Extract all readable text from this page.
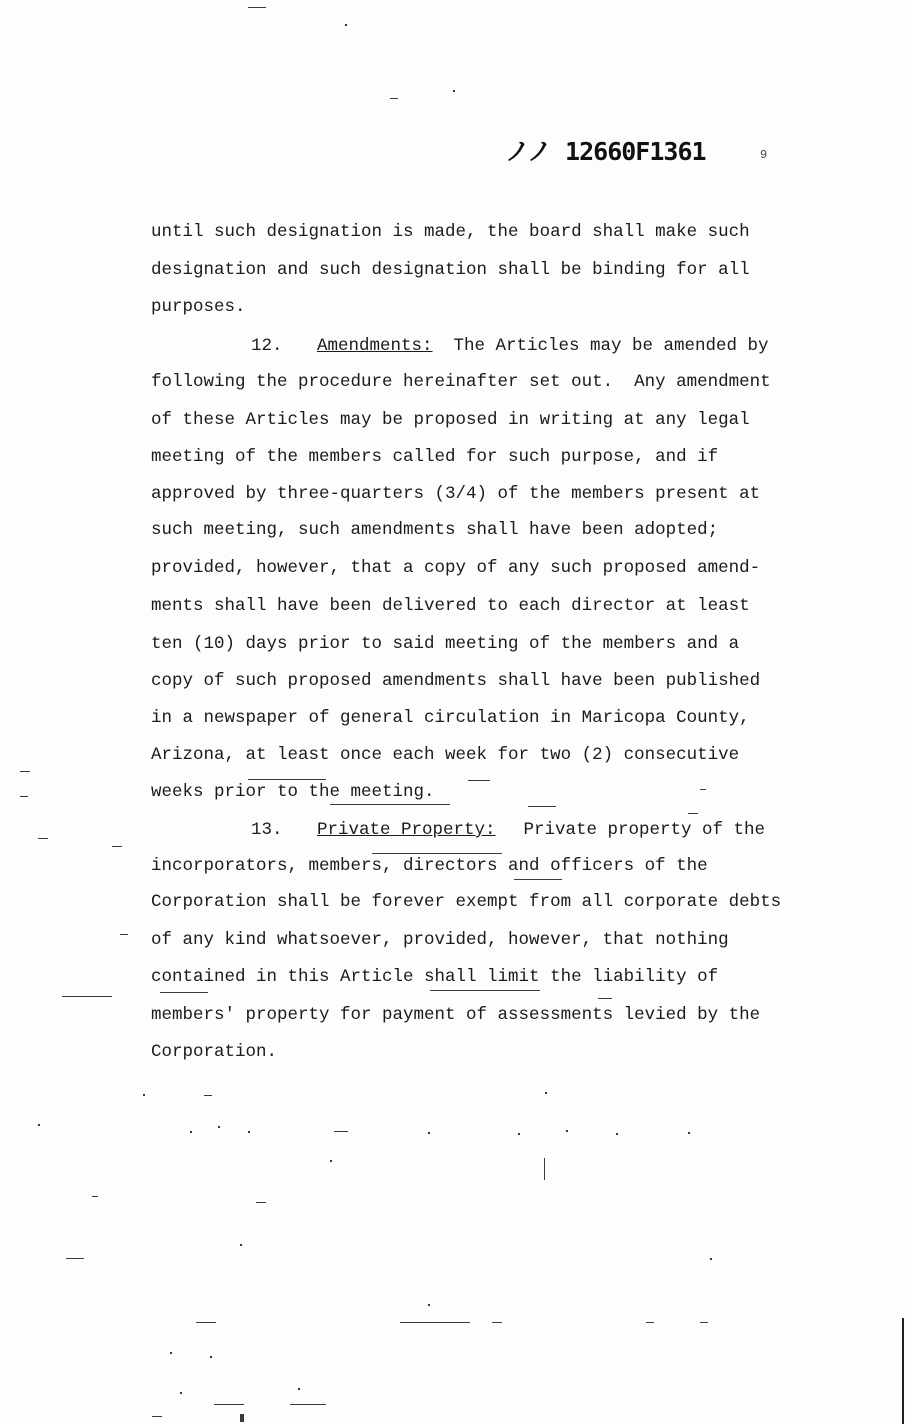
ノノ 12660F1361	9
until such designation is made, the board shall make such
designation and such designation shall be binding for all
purposes.
12. Amendments: The Articles may be amended by
following the procedure hereinafter set out.  Any amendment
of these Articles may be proposed in writing at any legal
meeting of the members called for such purpose, and if
approved by three-quarters (3/4) of the members present at
such meeting, such amendments shall have been adopted;
provided, however, that a copy of any such proposed amend-
ments shall have been delivered to each director at least
ten (10) days prior to said meeting of the members and a
copy of such proposed amendments shall have been published
in a newspaper of general circulation in Maricopa County,
Arizona, at least once each week for two (2) consecutive
weeks prior to the meeting.
13. Private Property: Private property of the
incorporators, members, directors and officers of the
Corporation shall be forever exempt from all corporate debts
of any kind whatsoever, provided, however, that nothing
contained in this Article shall limit the liability of
members' property for payment of assessments levied by the
Corporation.
